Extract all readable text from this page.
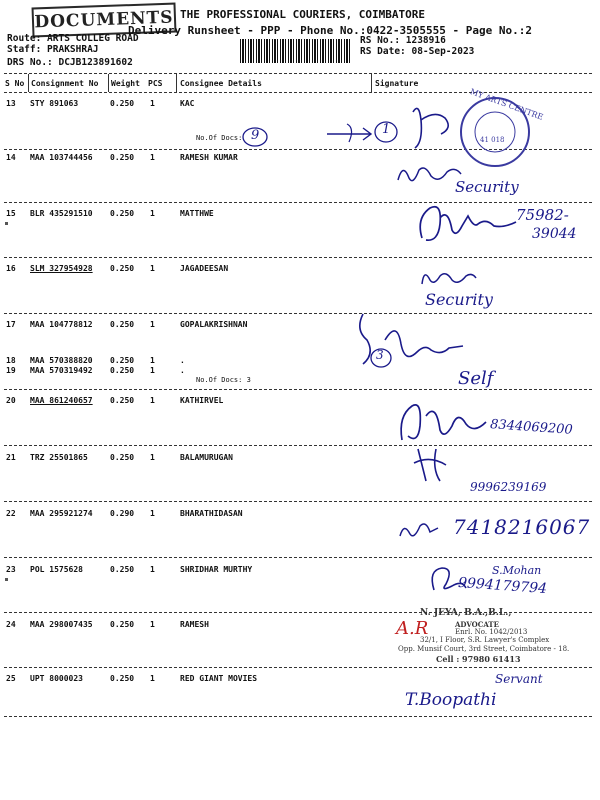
DOCUMENTS THE PROFESSIONAL COURIERS, COIMBATORE
Delivery Runsheet - PPP - Phone No.:0422-3505555 - Page No.:2
Route: ARTS COLLEG ROAD
Staff: PRAKSHRAJ
DRS No.: DCJB123891602
RS No.: 1238916
RS Date: 08-Sep-2023
S No Consignment No Weight PCS Consignee Details	Signature
13 STY 891063	0.250 1	KAC
No.Of Docs:
14 MAA 103744456 0.250 1	RAMESH KUMAR
15 BLR 435291510 0.250 1	MATTHWE
16 SLM 327954928 0.250 1	JAGADEESAN
17 MAA 104778812 0.250 1	GOPALAKRISHNAN
18 MAA 570388820 0.250 1	.
19 MAA 570319492 0.250 1	.
No.Of Docs: 3
20 MAA 861240657 0.250 1	KATHIRVEL
21 TRZ 25501865	0.250 1	BALAMURUGAN
22 MAA 295921274 0.290 1	BHARATHIDASAN
23 POL 1575628	0.250 1	SHRIDHAR MURTHY
24 MAA 298007435 0.250 1	RAMESH
25 UPT 8000023	0.250 1	RED GIANT MOVIES
9	1
MY ARTS CENTRE
41 018
Security
75982-
39044
Security
3
Self
8344069200
9996239169
7418216067
S.Mohan
9994179794
N. JEYA, B.A.,B.L.,
ADVOCATE
Enrl. No. 1042/2013
32/1, I Floor, S.R. Lawyer's Complex
Opp. Munsif Court, 3rd Street, Coimbatore - 18.
Cell : 97980 61413
A.R
Servant
T.Boopathi
